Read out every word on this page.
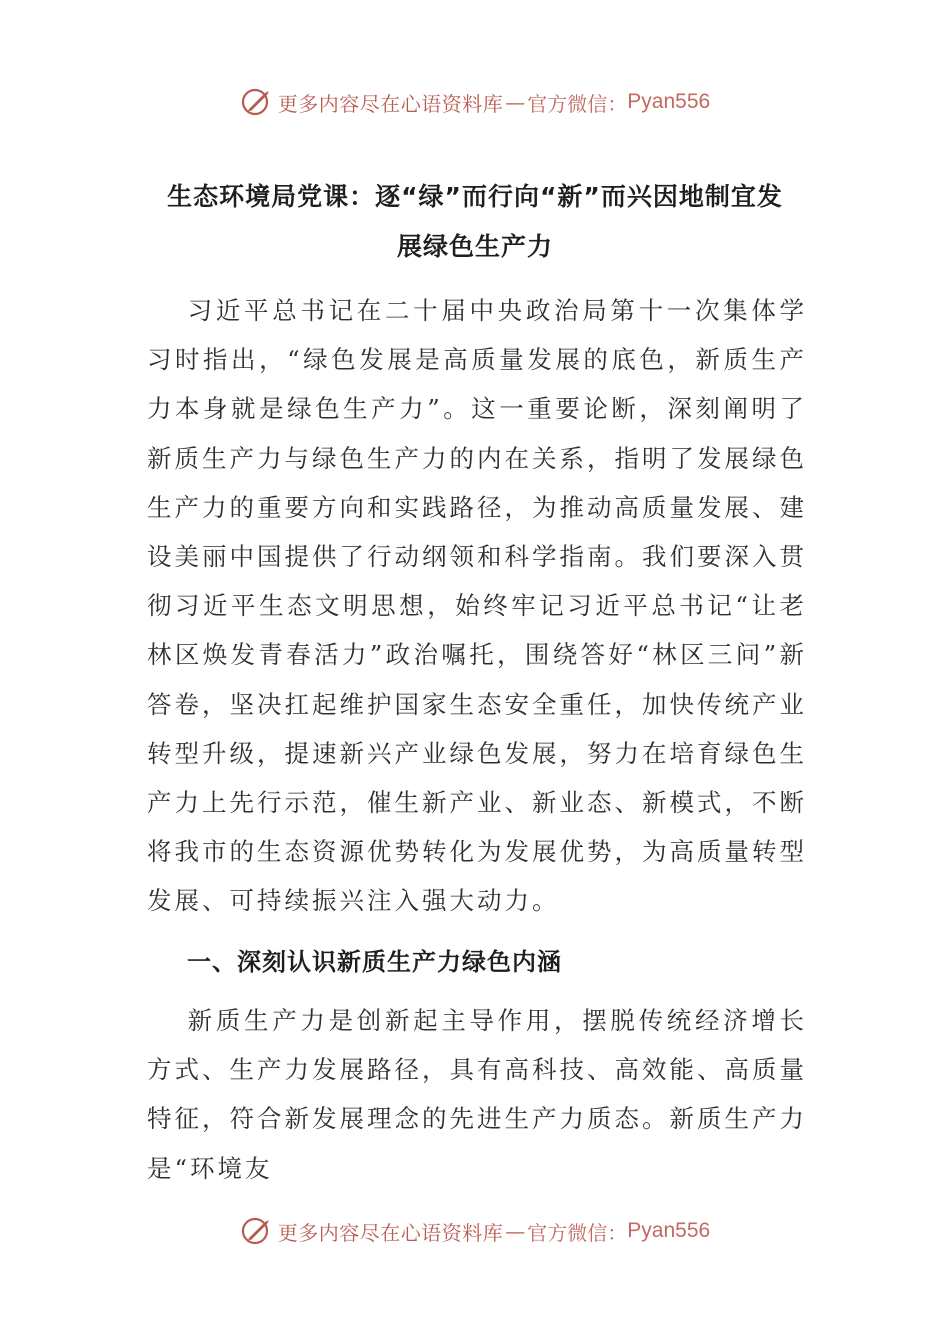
更多内容尽在心语资料库 — 官方微信： Pyan556
生态环境局党课：逐“绿”而行向“新”而兴因地制宜发
展绿色生产力
习近平总书记在二十届中央政治局第十一次集体学习时指出，“绿色发展是高质量发展的底色，新质生产力本身就是绿色生产力”。这一重要论断，深刻阐明了新质生产力与绿色生产力的内在关系，指明了发展绿色生产力的重要方向和实践路径，为推动高质量发展、建设美丽中国提供了行动纲领和科学指南。我们要深入贯彻习近平生态文明思想，始终牢记习近平总书记“让老林区焕发青春活力”政治嘱托，围绕答好“林区三问”新答卷，坚决扛起维护国家生态安全重任，加快传统产业转型升级，提速新兴产业绿色发展，努力在培育绿色生产力上先行示范，催生新产业、新业态、新模式，不断将我市的生态资源优势转化为发展优势，为高质量转型发展、可持续振兴注入强大动力。
一、深刻认识新质生产力绿色内涵
新质生产力是创新起主导作用，摆脱传统经济增长方式、生产力发展路径，具有高科技、高效能、高质量特征，符合新发展理念的先进生产力质态。新质生产力是“环境友
更多内容尽在心语资料库 — 官方微信： Pyan556
